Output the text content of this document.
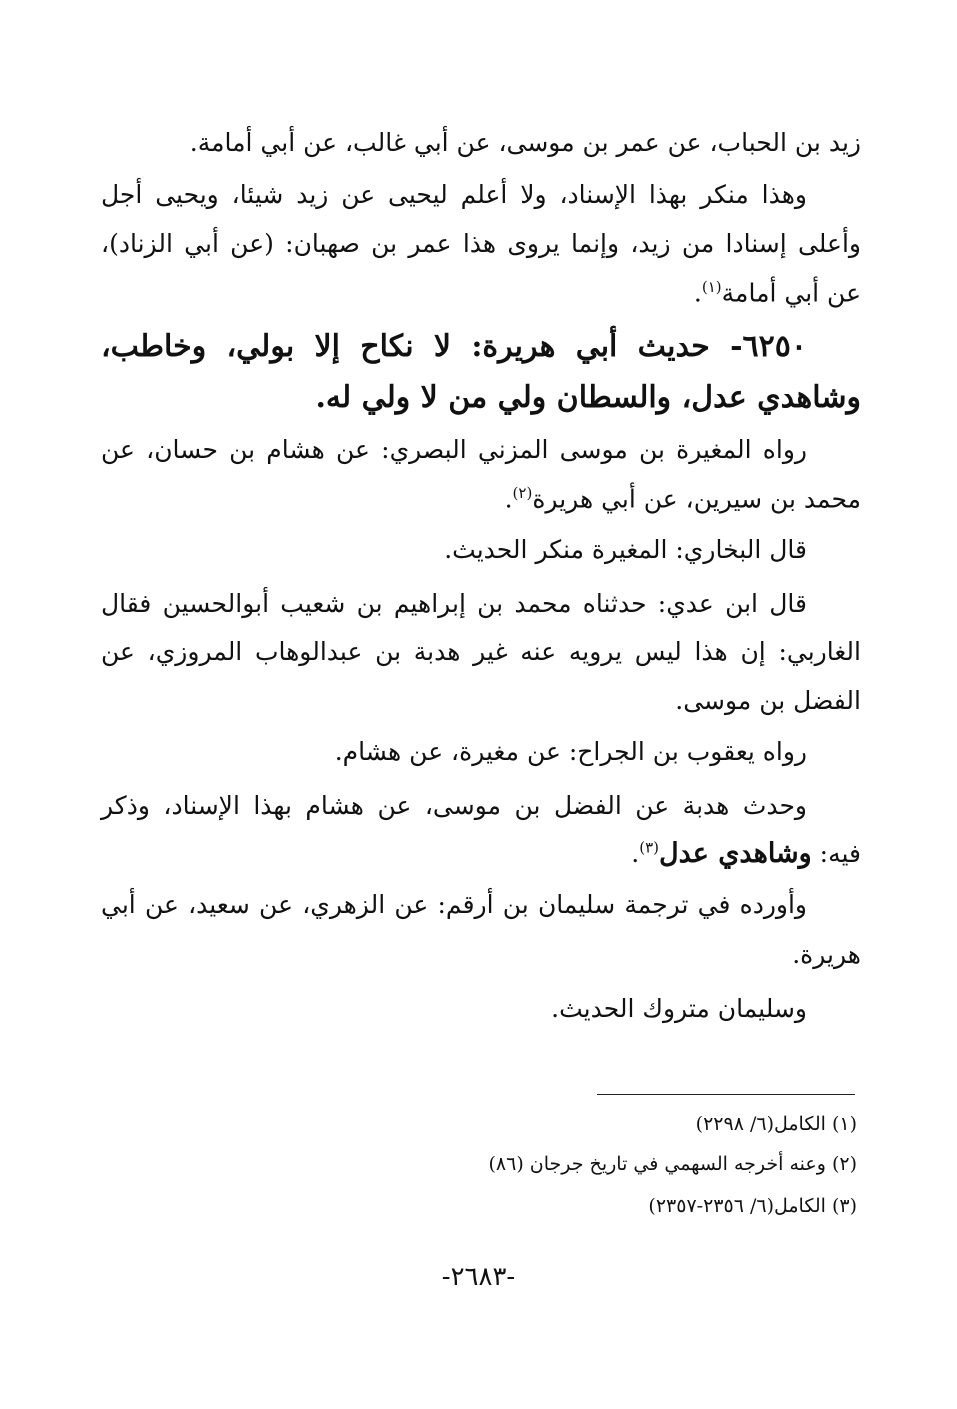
زيد بن الحباب، عن عمر بن موسى، عن أبي غالب، عن أبي أمامة.
وهذا منكر بهذا الإسناد، ولا أعلم ليحيى عن زيد شيئا، ويحيى أجل
وأعلى إسنادا من زيد، وإنما يروى هذا عمر بن صهبان: (عن أبي الزناد)،
عن أبي أمامة$^{(١)}$.
٦٢٥٠- حديث أبي هريرة: لا نكاح إلا بولي، وخاطب،
وشاهدي عدل، والسطان ولي من لا ولي له.
رواه المغيرة بن موسى المزني البصري: عن هشام بن حسان، عن
محمد بن سيرين، عن أبي هريرة$^{(٢)}$.
قال البخاري: المغيرة منكر الحديث.
قال ابن عدي: حدثناه محمد بن إبراهيم بن شعيب أبوالحسين فقال
الغاربي: إن هذا ليس يرويه عنه غير هدبة بن عبدالوهاب المروزي، عن
الفضل بن موسى.
رواه يعقوب بن الجراح: عن مغيرة، عن هشام.
وحدث هدبة عن الفضل بن موسى، عن هشام بهذا الإسناد، وذكر
فيه: وشاهدي عدل$^{(٣)}$.
وأورده في ترجمة سليمان بن أرقم: عن الزهري، عن سعيد، عن أبي
هريرة.
وسليمان متروك الحديث.
(١) الكامل(٦/ ٢٢٩٨)
(٢) وعنه أخرجه السهمي في تاريخ جرجان (٨٦)
(٣) الكامل(٦/ ٢٣٥٦-٢٣٥٧)
-٢٦٨٣-
